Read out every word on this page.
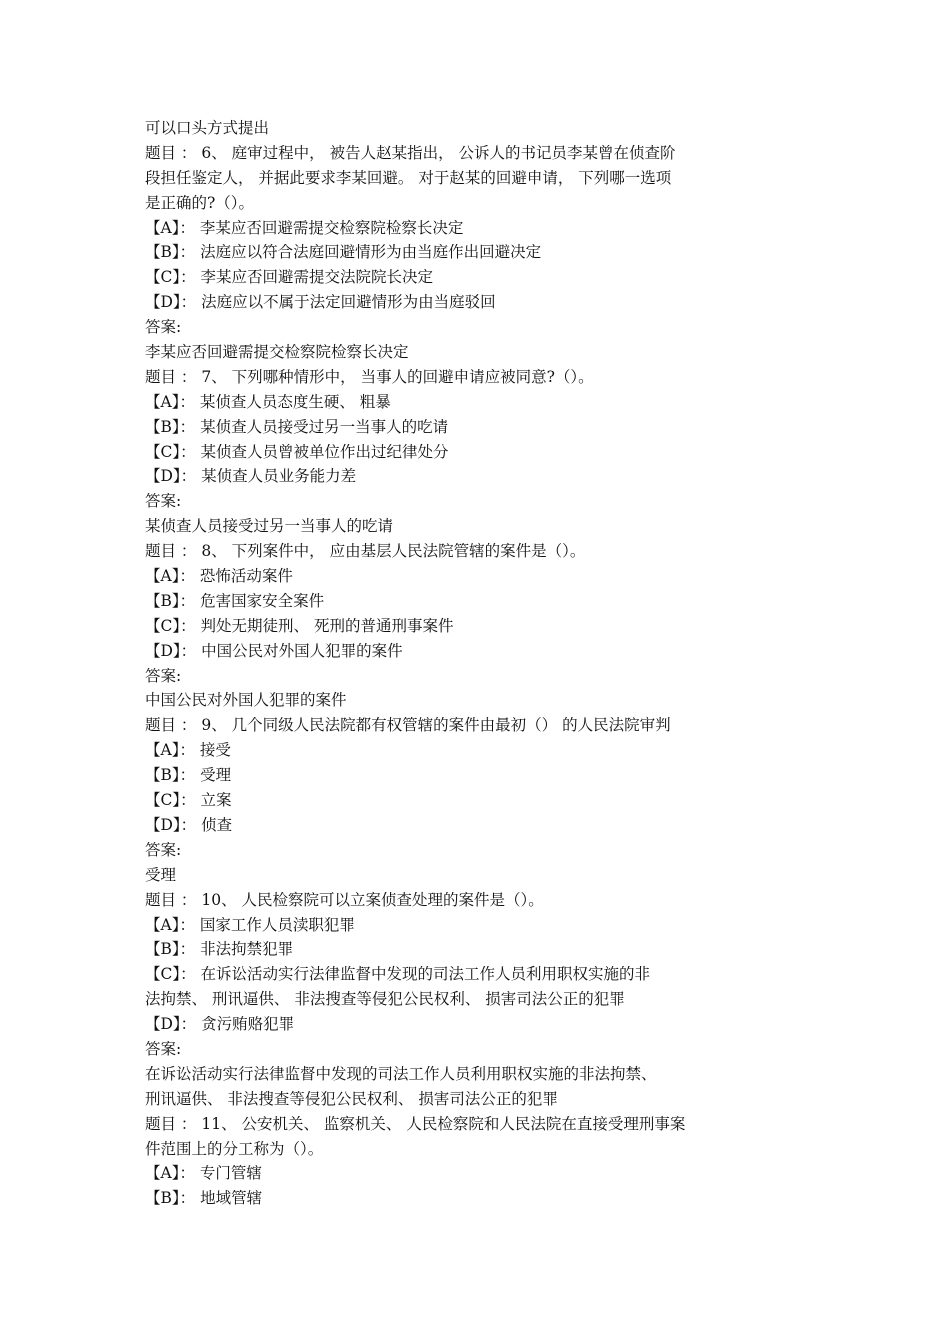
可以口头方式提出
题目 ： 6、 庭审过程中， 被告人赵某指出， 公诉人的书记员李某曾在侦查阶
段担任鉴定人， 并据此要求李某回避。 对于赵某的回避申请， 下列哪一选项
是正确的?（）。
【A】： 李某应否回避需提交检察院检察长决定
【B】： 法庭应以符合法庭回避情形为由当庭作出回避决定
【C】： 李某应否回避需提交法院院长决定
【D】： 法庭应以不属于法定回避情形为由当庭驳回
答案:
李某应否回避需提交检察院检察长决定
题目 ： 7、 下列哪种情形中， 当事人的回避申请应被同意?（）。
【A】： 某侦查人员态度生硬、 粗暴
【B】： 某侦查人员接受过另一当事人的吃请
【C】： 某侦查人员曾被单位作出过纪律处分
【D】： 某侦查人员业务能力差
答案:
某侦查人员接受过另一当事人的吃请
题目 ： 8、 下列案件中， 应由基层人民法院管辖的案件是（）。
【A】： 恐怖活动案件
【B】： 危害国家安全案件
【C】： 判处无期徒刑、 死刑的普通刑事案件
【D】： 中国公民对外国人犯罪的案件
答案:
中国公民对外国人犯罪的案件
题目 ： 9、 几个同级人民法院都有权管辖的案件由最初（） 的人民法院审判
【A】： 接受
【B】： 受理
【C】： 立案
【D】： 侦查
答案:
受理
题目 ： 10、 人民检察院可以立案侦查处理的案件是（）。
【A】： 国家工作人员渎职犯罪
【B】： 非法拘禁犯罪
【C】： 在诉讼活动实行法律监督中发现的司法工作人员利用职权实施的非
法拘禁、 刑讯逼供、 非法搜查等侵犯公民权利、 损害司法公正的犯罪
【D】： 贪污贿赂犯罪
答案:
在诉讼活动实行法律监督中发现的司法工作人员利用职权实施的非法拘禁、
刑讯逼供、 非法搜查等侵犯公民权利、 损害司法公正的犯罪
题目 ： 11、 公安机关、 监察机关、 人民检察院和人民法院在直接受理刑事案
件范围上的分工称为（）。
【A】： 专门管辖
【B】： 地域管辖
